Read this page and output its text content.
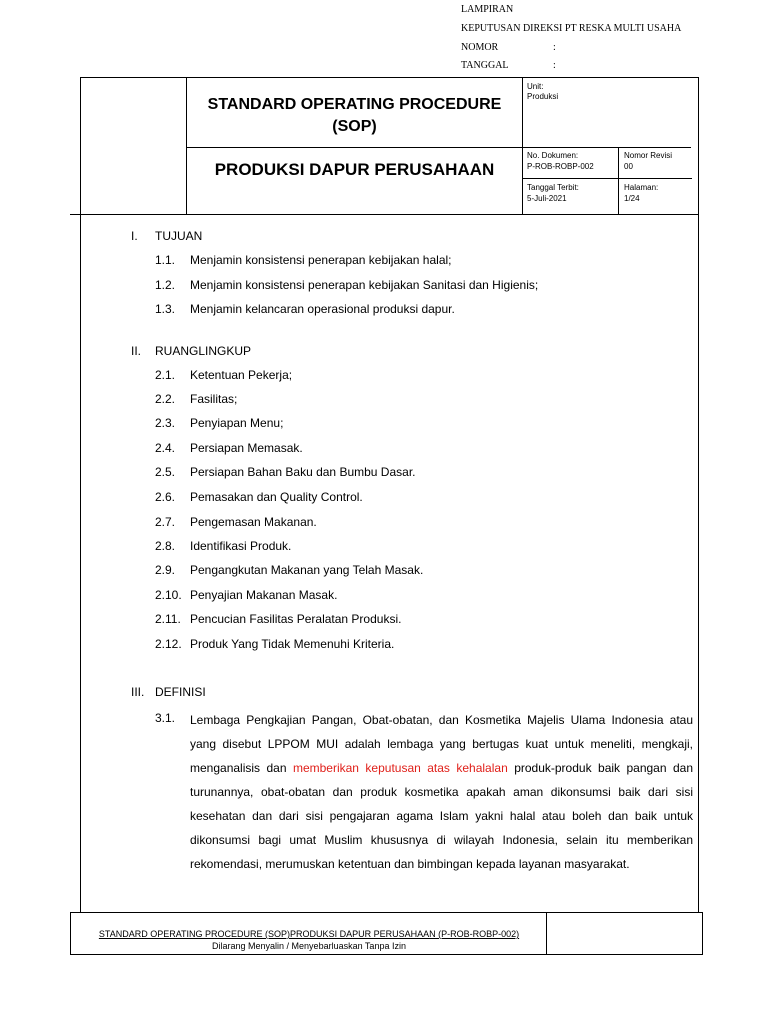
LAMPIRAN
KEPUTUSAN DIREKSI PT RESKA MULTI USAHA
NOMOR	:
TANGGAL	:
STANDARD OPERATING PROCEDURE
(SOP)
PRODUKSI DAPUR PERUSAHAAN
Unit:
Produksi
No. Dokumen:
P-ROB-ROBP-002
Nomor Revisi
00
Tanggal Terbit:
5-Juli-2021
Halaman:
1/24
I. TUJUAN
1.1. Menjamin konsistensi penerapan kebijakan halal;
1.2. Menjamin konsistensi penerapan kebijakan Sanitasi dan Higienis;
1.3. Menjamin kelancaran operasional produksi dapur.
II. RUANGLINGKUP
2.1. Ketentuan Pekerja;
2.2. Fasilitas;
2.3. Penyiapan Menu;
2.4. Persiapan Memasak.
2.5. Persiapan Bahan Baku dan Bumbu Dasar.
2.6. Pemasakan dan Quality Control.
2.7. Pengemasan Makanan.
2.8. Identifikasi Produk.
2.9. Pengangkutan Makanan yang Telah Masak.
2.10. Penyajian Makanan Masak.
2.11. Pencucian Fasilitas Peralatan Produksi.
2.12. Produk Yang Tidak Memenuhi Kriteria.
III. DEFINISI
3.1. Lembaga Pengkajian Pangan, Obat-obatan, dan Kosmetika Majelis Ulama Indonesia atau yang disebut LPPOM MUI adalah lembaga yang bertugas kuat untuk meneliti, mengkaji, menganalisis dan memberikan keputusan atas kehalalan produk-produk baik pangan dan turunannya, obat-obatan dan produk kosmetika apakah aman dikonsumsi baik dari sisi kesehatan dan dari sisi pengajaran agama Islam yakni halal atau boleh dan baik untuk dikonsumsi bagi umat Muslim khususnya di wilayah Indonesia, selain itu memberikan rekomendasi, merumuskan ketentuan dan bimbingan kepada layanan masyarakat.
STANDARD OPERATING PROCEDURE (SOP)PRODUKSI DAPUR PERUSAHAAN (P-ROB-ROBP-002)
Dilarang Menyalin / Menyebarluaskan Tanpa Izin
